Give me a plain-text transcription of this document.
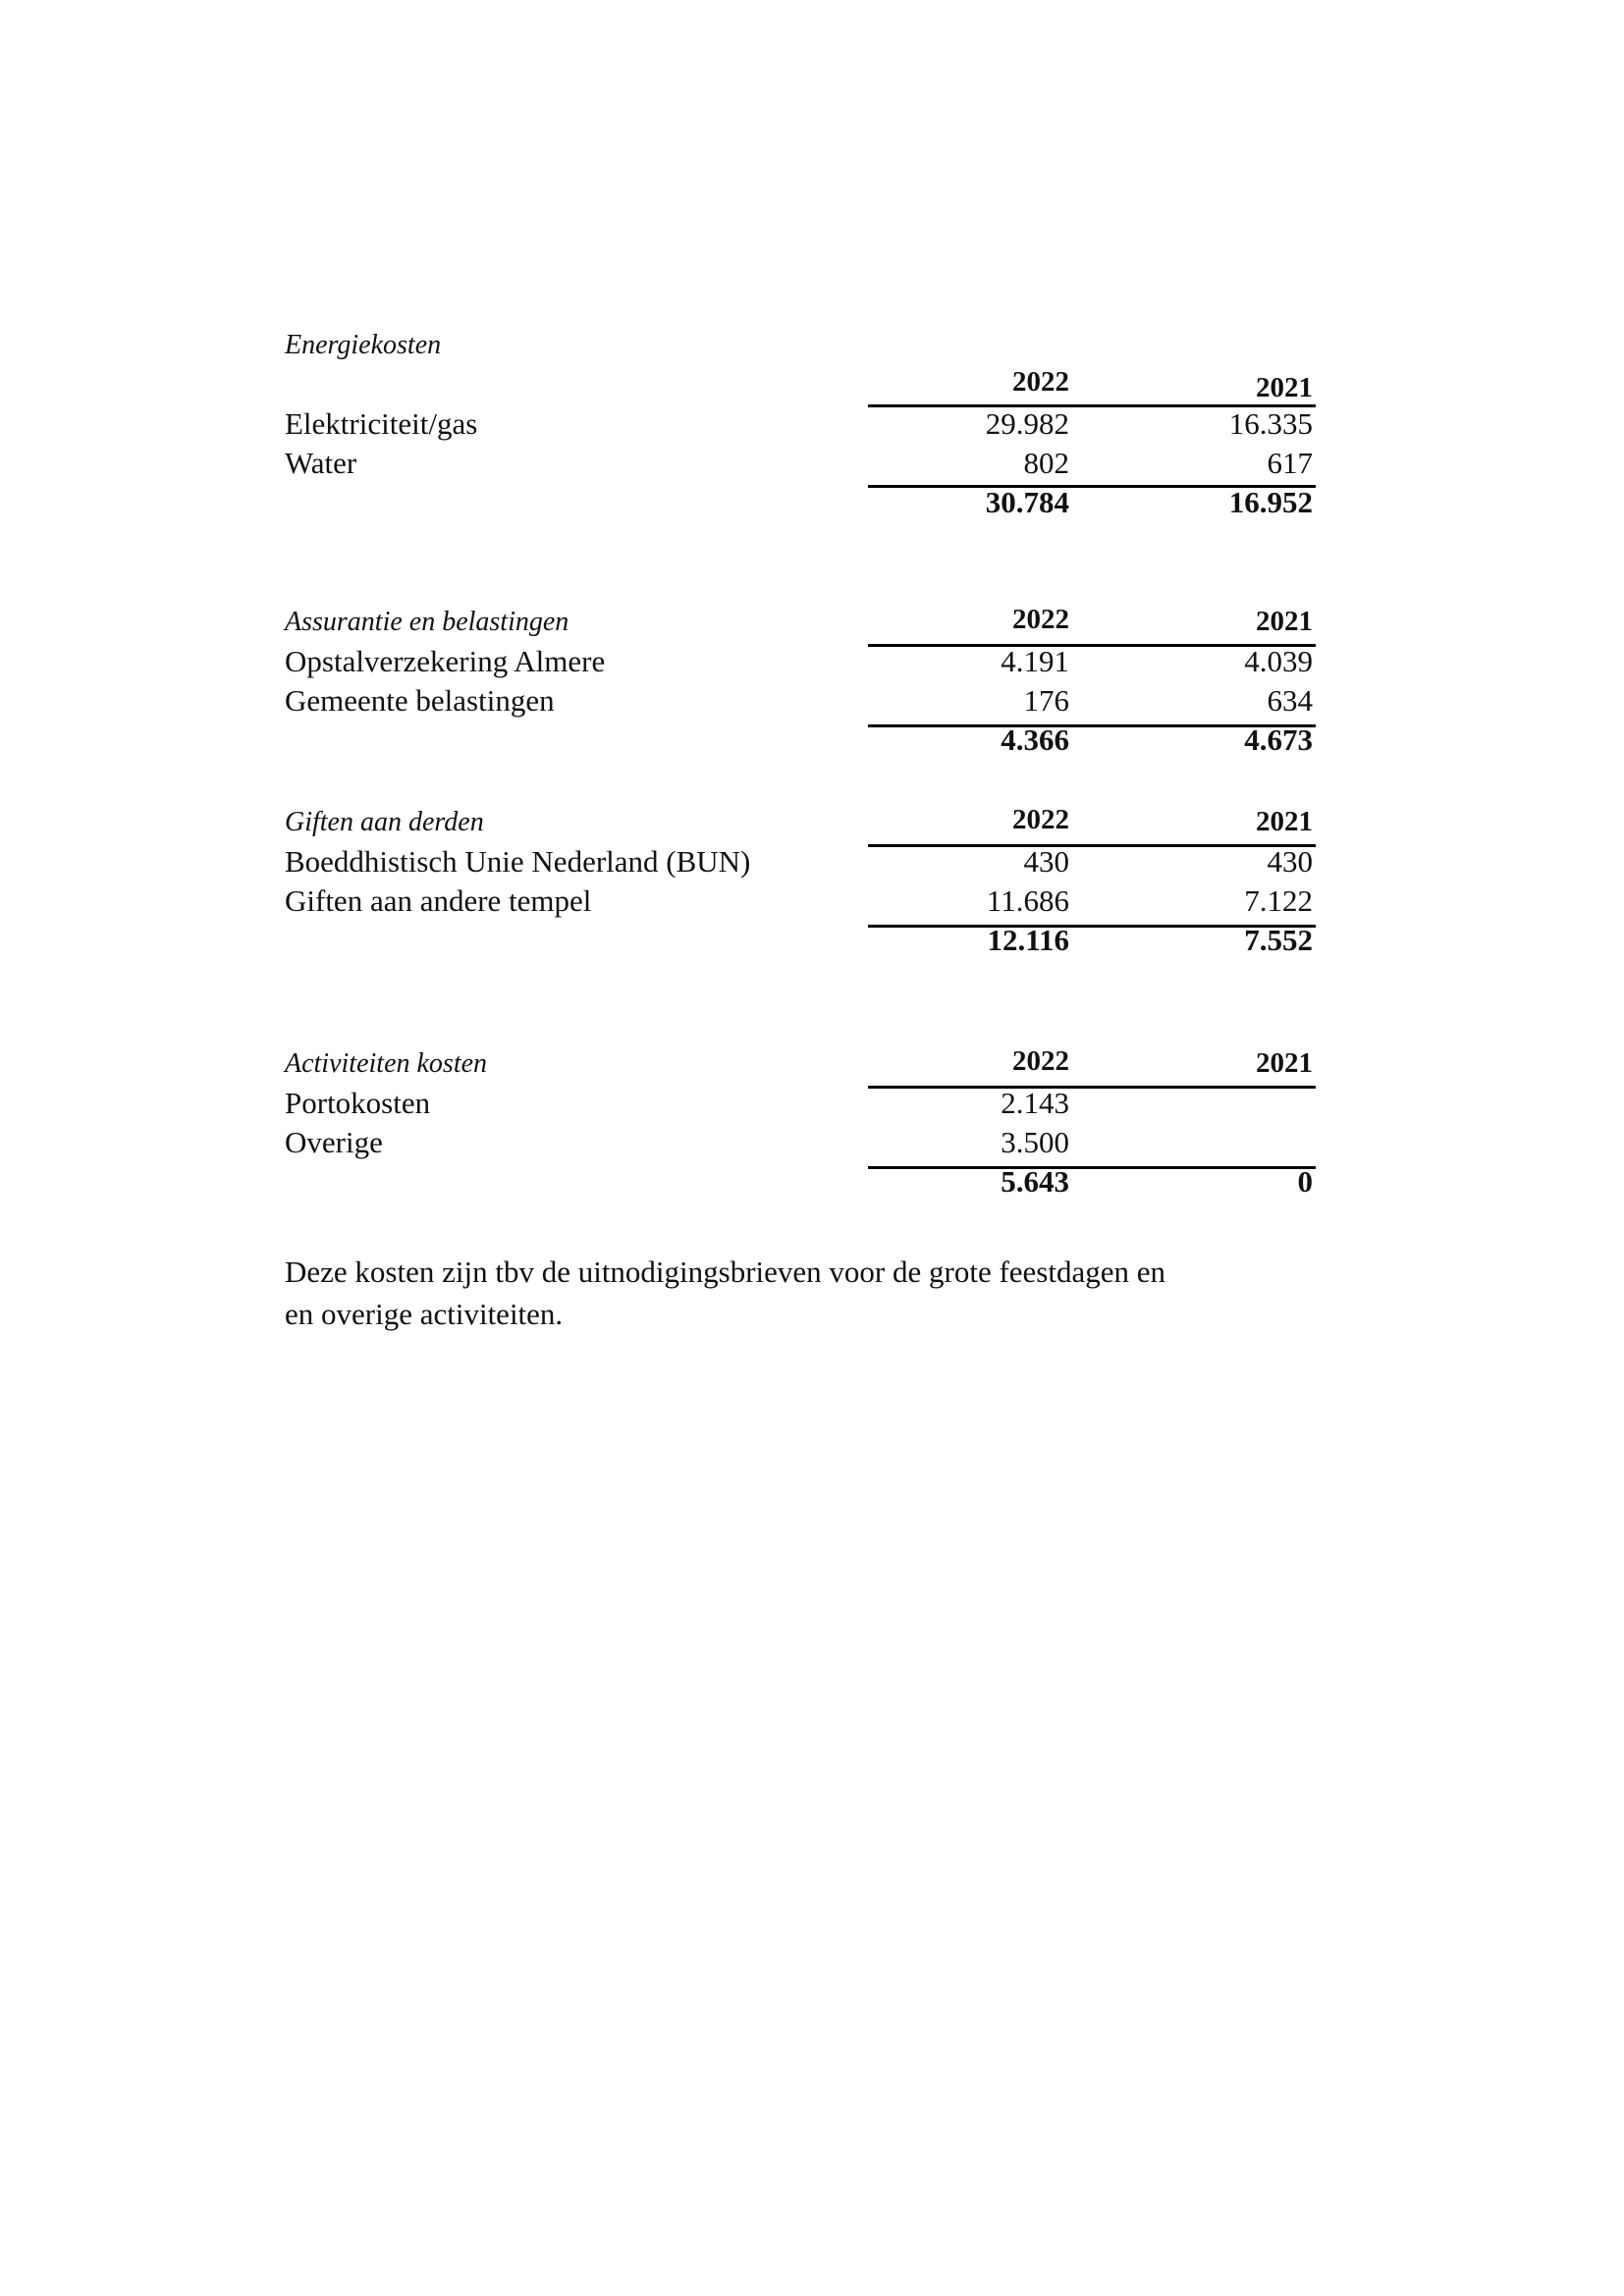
Energiekosten
2022	2021
Elektriciteit/gas	29.982	16.335
Water	802	617
30.784	16.952
Assurantie en belastingen	2022	2021
Opstalverzekering Almere	4.191	4.039
Gemeente belastingen	176	634
4.366	4.673
Giften aan derden	2022	2021
Boeddhistisch Unie Nederland (BUN)	430	430
Giften aan andere tempel	11.686	7.122
12.116	7.552
Activiteiten kosten	2022	2021
Portokosten	2.143
Overige	3.500
5.643	0
Deze kosten zijn tbv de uitnodigingsbrieven voor de grote feestdagen en
en overige activiteiten.
